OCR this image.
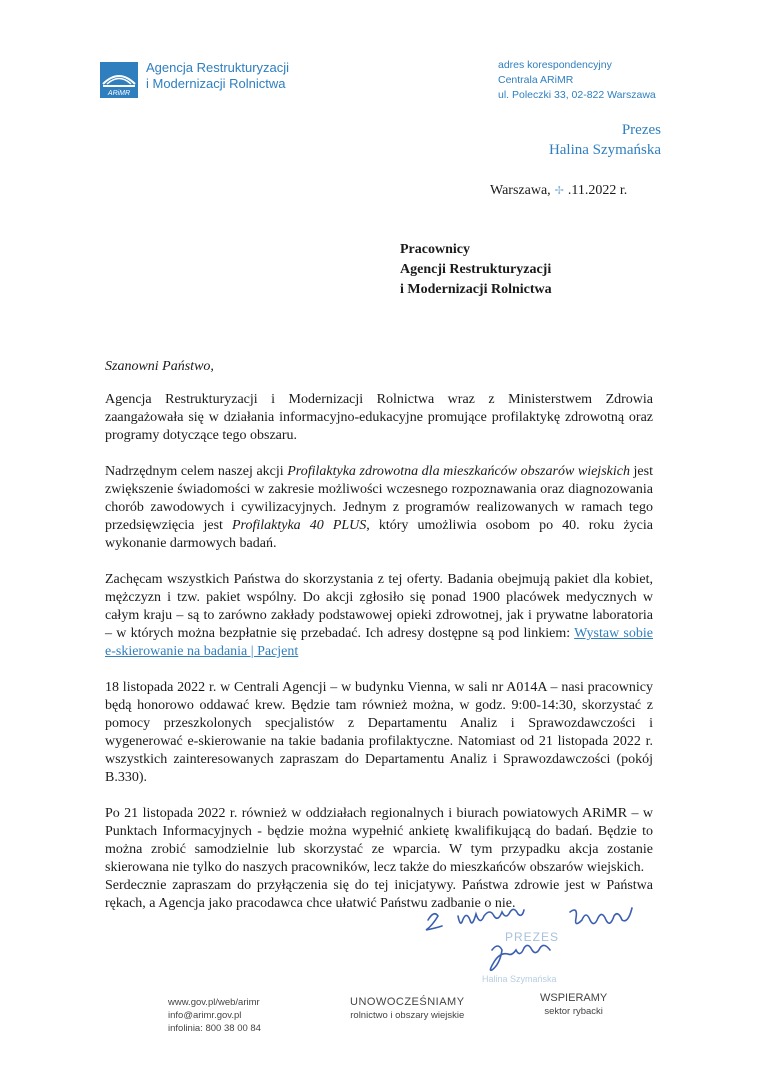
ARiMR
Agencja Restrukturyzacji
i Modernizacji Rolnictwa
adres korespondencyjny
Centrala ARiMR
ul. Poleczki 33, 02-822 Warszawa
Prezes
Halina Szymańska
Warszawa, ✢ .11.2022 r.
Pracownicy
Agencji Restrukturyzacji
i Modernizacji Rolnictwa
Szanowni Państwo,

Agencja Restrukturyzacji i Modernizacji Rolnictwa wraz z Ministerstwem Zdrowia zaangażowała się w działania informacyjno-edukacyjne promujące profilaktykę zdrowotną oraz programy dotyczące tego obszaru.

Nadrzędnym celem naszej akcji Profilaktyka zdrowotna dla mieszkańców obszarów wiejskich jest zwiększenie świadomości w zakresie możliwości wczesnego rozpoznawania oraz diagnozowania chorób zawodowych i cywilizacyjnych. Jednym z programów realizowanych w ramach tego przedsięwzięcia jest Profilaktyka 40 PLUS, który umożliwia osobom po 40. roku życia wykonanie darmowych badań.

Zachęcam wszystkich Państwa do skorzystania z tej oferty. Badania obejmują pakiet dla kobiet, mężczyzn i tzw. pakiet wspólny. Do akcji zgłosiło się ponad 1900 placówek medycznych w całym kraju – są to zarówno zakłady podstawowej opieki zdrowotnej, jak i prywatne laboratoria – w których można bezpłatnie się przebadać. Ich adresy dostępne są pod linkiem: Wystaw sobie e-skierowanie na badania | Pacjent

18 listopada 2022 r. w Centrali Agencji – w budynku Vienna, w sali nr A014A – nasi pracownicy będą honorowo oddawać krew. Będzie tam również można, w godz. 9:00-14:30, skorzystać z pomocy przeszkolonych specjalistów z Departamentu Analiz i Sprawozdawczości i wygenerować e-skierowanie na takie badania profilaktyczne. Natomiast od 21 listopada 2022 r. wszystkich zainteresowanych zapraszam do Departamentu Analiz i Sprawozdawczości (pokój B.330).

Po 21 listopada 2022 r. również w oddziałach regionalnych i biurach powiatowych ARiMR – w Punktach Informacyjnych - będzie można wypełnić ankietę kwalifikującą do badań. Będzie to można zrobić samodzielnie lub skorzystać ze wparcia. W tym przypadku akcja zostanie skierowana nie tylko do naszych pracowników, lecz także do mieszkańców obszarów wiejskich.

Serdecznie zapraszam do przyłączenia się do tej inicjatywy. Państwa zdrowie jest w Państwa rękach, a Agencja jako pracodawca chce ułatwić Państwu zadbanie o nie.

PREZES
Halina Szymańska
www.gov.pl/web/arimr
info@arimr.gov.pl
infolinia: 800 38 00 84
UNOWOCZEŚNIAMY
rolnictwo i obszary wiejskie
WSPIERAMY
sektor rybacki
